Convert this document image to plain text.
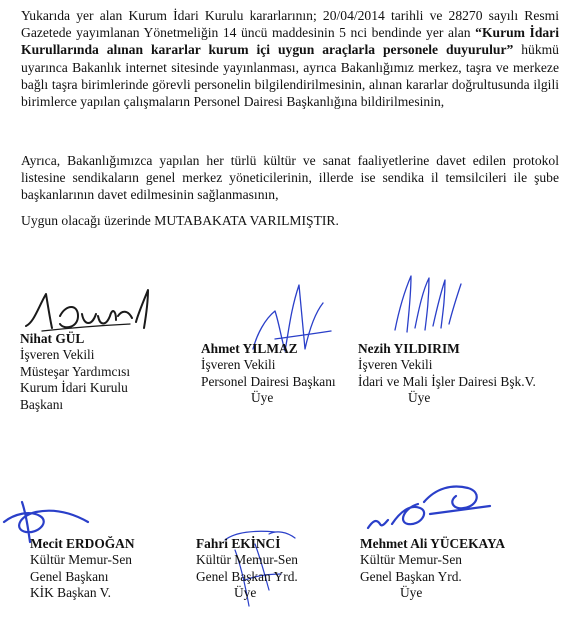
Yukarıda yer alan Kurum İdari Kurulu kararlarının; 20/04/2014 tarihli ve 28270 sayılı Resmi Gazetede yayımlanan Yönetmeliğin 14 üncü maddesinin 5 nci bendinde yer alan “Kurum İdari Kurullarında alınan kararlar kurum içi uygun araçlarla personele duyurulur” hükmü uyarınca Bakanlık internet sitesinde yayınlanması, ayrıca Bakanlığımız merkez, taşra ve merkeze bağlı taşra birimlerinde görevli personelin bilgilendirilmesinin, alınan kararlar doğrultusunda ilgili birimlerce yapılan çalışmaların Personel Dairesi Başkanlığına bildirilmesinin,

Ayrıca, Bakanlığımızca yapılan her türlü kültür ve sanat faaliyetlerine davet edilen protokol listesine sendikaların genel merkez yöneticilerinin, illerde ise sendika il temsilcileri ile şube başkanlarının davet edilmesinin sağlanmasının,

Uygun olacağı üzerinde MUTABAKATA VARILMIŞTIR.

Nihat GÜL
İşveren Vekili
Müsteşar Yardımcısı
Kurum İdari Kurulu
Başkanı
Ahmet YILMAZ
İşveren Vekili
Personel Dairesi Başkanı
Üye
Nezih YILDIRIM
İşveren Vekili
İdari ve Mali İşler Dairesi Bşk.V.
Üye
Mecit ERDOĞAN
Kültür Memur-Sen
Genel Başkanı
KİK Başkan V.
Fahri EKİNCİ
Kültür Memur-Sen
Genel Başkan Yrd.
Üye
Mehmet Ali YÜCEKAYA
Kültür Memur-Sen
Genel Başkan Yrd.
Üye
